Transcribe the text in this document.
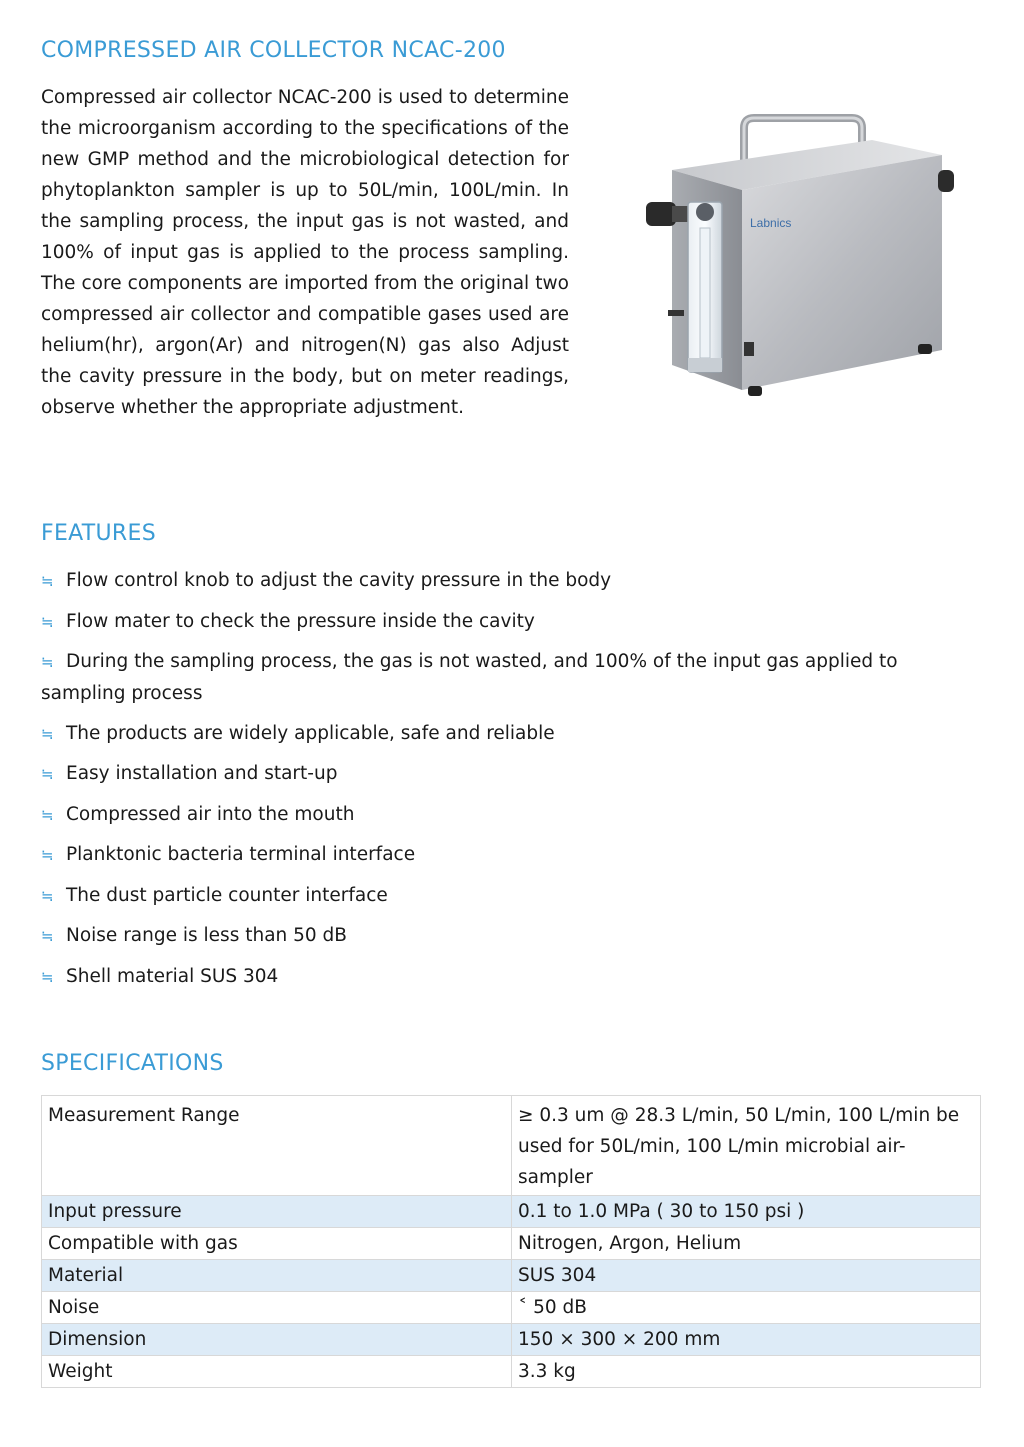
COMPRESSED AIR COLLECTOR NCAC-200

Compressed air collector NCAC-200 is used to determine the microorganism according to the specifications of the new GMP method and the microbiological detection for phytoplankton sampler is up to 50L/min, 100L/min. In the sampling process, the input gas is not wasted, and 100% of input gas is applied to the process sampling. The core components are imported from the original two compressed air collector and compatible gases used are helium(hr), argon(Ar) and nitrogen(N) gas also Adjust the cavity pressure in the body, but on meter readings, observe whether the appropriate adjustment.

Labnics
FEATURES
≒ Flow control knob to adjust the cavity pressure in the body
≒ Flow mater to check the pressure inside the cavity
≒ During the sampling process, the gas is not wasted, and 100% of the input gas applied to sampling process
≒ The products are widely applicable, safe and reliable
≒ Easy installation and start-up
≒ Compressed air into the mouth
≒ Planktonic bacteria terminal interface
≒ The dust particle counter interface
≒ Noise range is less than 50 dB
≒ Shell material SUS 304
SPECIFICATIONS
Measurement Range	≥ 0.3 um @ 28.3 L/min, 50 L/min, 100 L/min be used for 50L/min, 100 L/min microbial air-sampler
Input pressure	0.1 to 1.0 MPa ( 30 to 150 psi )
Compatible with gas	Nitrogen, Argon, Helium
Material	SUS 304
Noise	˂ 50 dB
Dimension	150 × 300 × 200 mm
Weight	3.3 kg
